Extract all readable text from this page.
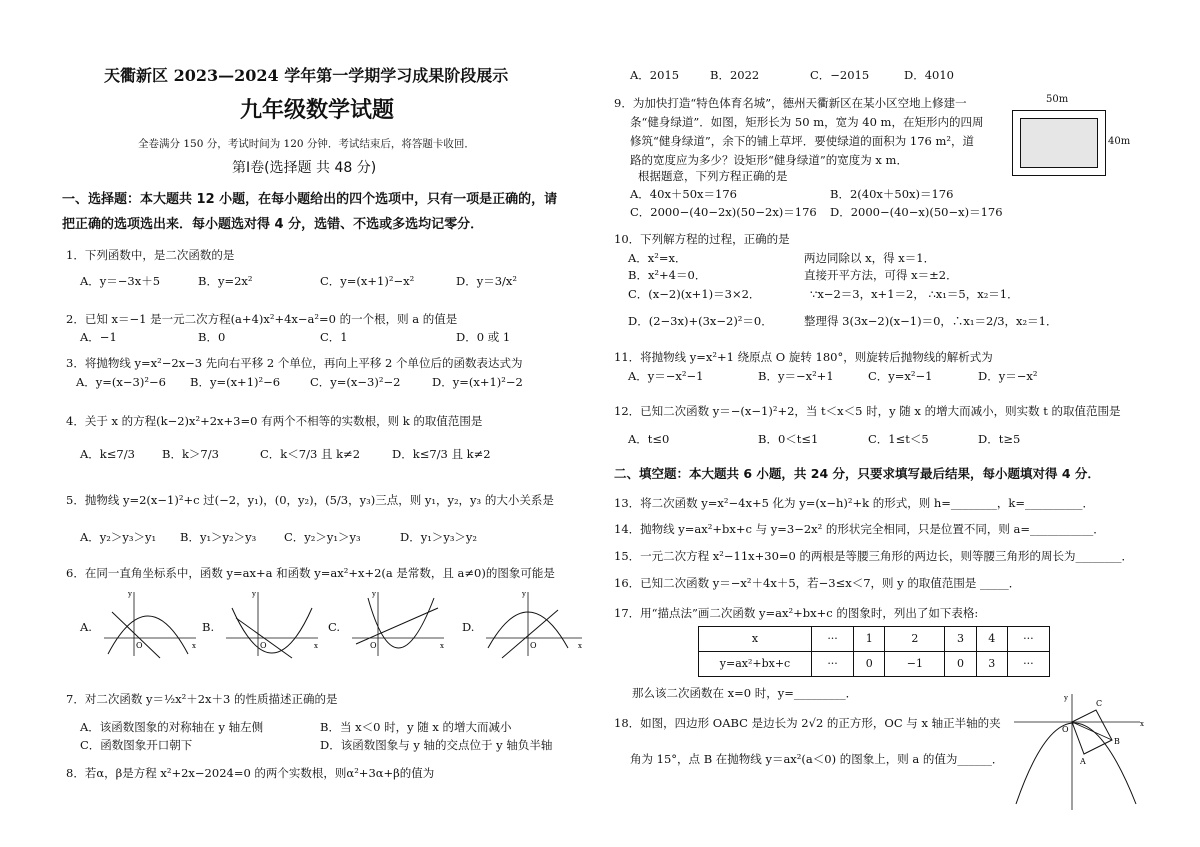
天衢新区 2023—2024 学年第一学期学习成果阶段展示
九年级数学试题
全卷满分 150 分，考试时间为 120 分钟．考试结束后，将答题卡收回．
第Ⅰ卷(选择题 共 48 分)
一、选择题：本大题共 12 小题，在每小题给出的四个选项中，只有一项是正确的，请
把正确的选项选出来．每小题选对得 4 分，选错、不选或多选均记零分．
1．下列函数中，是二次函数的是
A．y＝−3x＋5	B．y=2x²	C．y=(x+1)²−x²	D．y＝3/x²
2．已知 x＝−1 是一元二次方程(a+4)x²+4x−a²=0 的一个根，则 a 的值是
A．−1	B．0	C．1	D．0 或 1
3．将抛物线 y=x²−2x−3 先向右平移 2 个单位，再向上平移 2 个单位后的函数表达式为
A．y=(x−3)²−6 B．y=(x+1)²−6	C．y=(x−3)²−2	D．y=(x+1)²−2
4．关于 x 的方程(k−2)x²+2x+3=0 有两个不相等的实数根，则 k 的取值范围是
A．k≤7/3 B．k＞7/3	C．k＜7/3 且 k≠2	D．k≤7/3 且 k≠2
5．抛物线 y=2(x−1)²+c 过(−2，y₁)，(0，y₂)，(5/3，y₃)三点，则 y₁，y₂，y₃ 的大小关系是
A．y₂＞y₃＞y₁ B．y₁＞y₂＞y₃ C．y₂＞y₁＞y₃	D．y₁＞y₃＞y₂
6．在同一直角坐标系中，函数 y=ax+a 和函数 y=ax²+x+2(a 是常数，且 a≠0)的图象可能是
A.	B.	C.	D.
O	x
y
O	x
y
O	x
y
O	x
y
7．对二次函数 y＝½x²＋2x＋3 的性质描述正确的是
A．该函数图象的对称轴在 y 轴左侧	B．当 x＜0 时，y 随 x 的增大而减小
C．函数图象开口朝下	D．该函数图象与 y 轴的交点位于 y 轴负半轴
8．若α，β是方程 x²+2x−2024=0 的两个实数根，则α²+3α+β的值为
A．2015	B．2022	C．−2015	D．4010
9．为加快打造“特色体育名城”，德州天衢新区在某小区空地上修建一
条“健身绿道”．如图，矩形长为 50 m，宽为 40 m，在矩形内的四周
修筑“健身绿道”，余下的铺上草坪．要使绿道的面积为 176 m²，道
路的宽度应为多少？设矩形“健身绿道”的宽度为 x m．
根据题意，下列方程正确的是
A．40x＋50x＝176	B．2(40x＋50x)＝176
C．2000−(40−2x)(50−2x)＝176 D．2000−(40−x)(50−x)＝176
50m
40m
10．下列解方程的过程，正确的是
A．x²=x．	两边同除以 x，得 x＝1．
B．x²+4＝0．	直接开平方法，可得 x＝±2．
C．(x−2)(x+1)＝3×2．	∵x−2＝3，x+1＝2， ∴x₁＝5，x₂＝1．
D．(2−3x)+(3x−2)²＝0．	整理得 3(3x−2)(x−1)＝0，∴x₁＝2/3，x₂＝1．
11．将抛物线 y=x²+1 绕原点 O 旋转 180°，则旋转后抛物线的解析式为
A．y＝−x²−1	B．y＝−x²+1	C．y=x²−1	D．y＝−x²
12．已知二次函数 y＝−(x−1)²+2，当 t＜x＜5 时，y 随 x 的增大而减小，则实数 t 的取值范围是
A．t≤0	B．0＜t≤1	C．1≤t＜5	D．t≥5
二、填空题：本大题共 6 小题，共 24 分，只要求填写最后结果，每小题填对得 4 分．
13．将二次函数 y=x²−4x+5 化为 y=(x−h)²+k 的形式，则 h=________，k=__________．
14．抛物线 y=ax²+bx+c 与 y=3−2x² 的形状完全相同，只是位置不同，则 a=___________．
15．一元二次方程 x²−11x+30=0 的两根是等腰三角形的两边长，则等腰三角形的周长为________．
16．已知二次函数 y＝−x²＋4x＋5，若−3≤x＜7，则 y 的取值范围是 _____．
17．用“描点法”画二次函数 y=ax²+bx+c 的图象时，列出了如下表格:
x	···	1	2	3	4	···
y=ax²+bx+c	···	0	−1	0	3	···
那么该二次函数在 x=0 时，y=_________．
18．如图，四边形 OABC 是边长为 2√2 的正方形，OC 与 x 轴正半轴的夹
角为 15°，点 B 在抛物线 y＝ax²(a＜0) 的图象上，则 a 的值为______．
O
C
B
A
x
y
